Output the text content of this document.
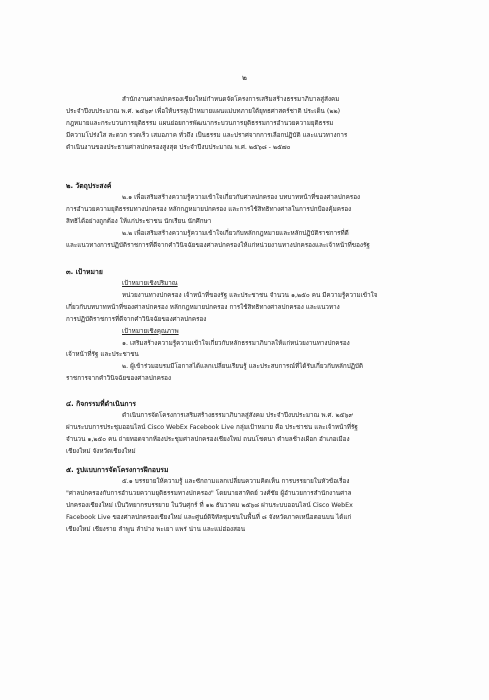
๒
สำนักงานศาลปกครองเชียงใหม่กำหนดจัดโครงการเสริมสร้างธรรมาภิบาลสู่สังคม
ประจำปีงบประมาณ พ.ศ. ๒๕๖๙ เพื่อให้บรรลุเป้าหมายแผนแม่บทภายใต้ยุทธศาสตร์ชาติ ประเด็น (๒๒)
กฎหมายและกระบวนการยุติธรรม แผนย่อยการพัฒนากระบวนการยุติธรรมการอำนวยความยุติธรรม
มีความโปร่งใส สะดวก รวดเร็ว เสมอภาค ทั่วถึง เป็นธรรม และปราศจากการเลือกปฏิบัติ และแนวทางการ
ดำเนินงานของประธานศาลปกครองสูงสุด ประจำปีงบประมาณ พ.ศ. ๒๕๖๘ - ๒๕๗๐
๒. วัตถุประสงค์
๒.๑ เพื่อเสริมสร้างความรู้ความเข้าใจเกี่ยวกับศาลปกครอง บทบาทหน้าที่ของศาลปกครอง
การอำนวยความยุติธรรมทางปกครอง หลักกฎหมายปกครอง และการใช้สิทธิทางศาลในการปกป้องคุ้มครอง
สิทธิได้อย่างถูกต้อง ให้แก่ประชาชน นักเรียน นักศึกษา
๒.๒ เพื่อเสริมสร้างความรู้ความเข้าใจเกี่ยวกับหลักกฎหมายและหลักปฏิบัติราชการที่ดี
และแนวทางการปฏิบัติราชการที่ดีจากคำวินิจฉัยของศาลปกครองให้แก่หน่วยงานทางปกครองและเจ้าหน้าที่ของรัฐ
๓. เป้าหมาย
เป้าหมายเชิงปริมาณ
หน่วยงานทางปกครอง เจ้าหน้าที่ของรัฐ และประชาชน จำนวน ๑,๒๕๐ คน มีความรู้ความเข้าใจ
เกี่ยวกับบทบาทหน้าที่ของศาลปกครอง หลักกฎหมายปกครอง การใช้สิทธิทางศาลปกครอง และแนวทาง
การปฏิบัติราชการที่ดีจากคำวินิจฉัยของศาลปกครอง
เป้าหมายเชิงคุณภาพ
๑. เสริมสร้างความรู้ความเข้าใจเกี่ยวกับหลักธรรมาภิบาลให้แก่หน่วยงานทางปกครอง
เจ้าหน้าที่รัฐ และประชาชน
๒. ผู้เข้าร่วมอบรมมีโอกาสได้แลกเปลี่ยนเรียนรู้ และประสบการณ์ที่ได้รับเกี่ยวกับหลักปฏิบัติ
ราชการจากคำวินิจฉัยของศาลปกครอง
๔. กิจกรรมที่ดำเนินการ
ดำเนินการจัดโครงการเสริมสร้างธรรมาภิบาลสู่สังคม ประจำปีงบประมาณ พ.ศ. ๒๕๖๙
ผ่านระบบการประชุมออนไลน์ Cisco WebEx Facebook Live กลุ่มเป้าหมาย คือ ประชาชน และเจ้าหน้าที่รัฐ
จำนวน ๑,๒๕๐ คน ถ่ายทอดจากห้องประชุมศาลปกครองเชียงใหม่ ถนนโชตนา ตำบลช้างเผือก อำเภอเมือง
เชียงใหม่ จังหวัดเชียงใหม่
๕. รูปแบบการจัดโครงการฝึกอบรม
๕.๑ บรรยายให้ความรู้ และซักถามแลกเปลี่ยนความคิดเห็น การบรรยายในหัวข้อเรื่อง
"ศาลปกครองกับการอำนวยความยุติธรรมทางปกครอง" โดยนายสาทิตย์ วงศ์ชัย ผู้อำนวยการสำนักงานศาล
ปกครองเชียงใหม่ เป็นวิทยากรบรรยาย ในวันศุกร์ ที่ ๑๒ ธันวาคม ๒๕๖๘ ผ่านระบบออนไลน์ Cisco WebEx
Facebook Live ของศาลปกครองเชียงใหม่ และศูนย์ดิจิทัลชุมชนในพื้นที่ ๘ จังหวัดภาคเหนือตอนบน ได้แก่
เชียงใหม่ เชียงราย ลำพูน ลำปาง พะเยา แพร่ น่าน และแม่ฮ่องสอน
